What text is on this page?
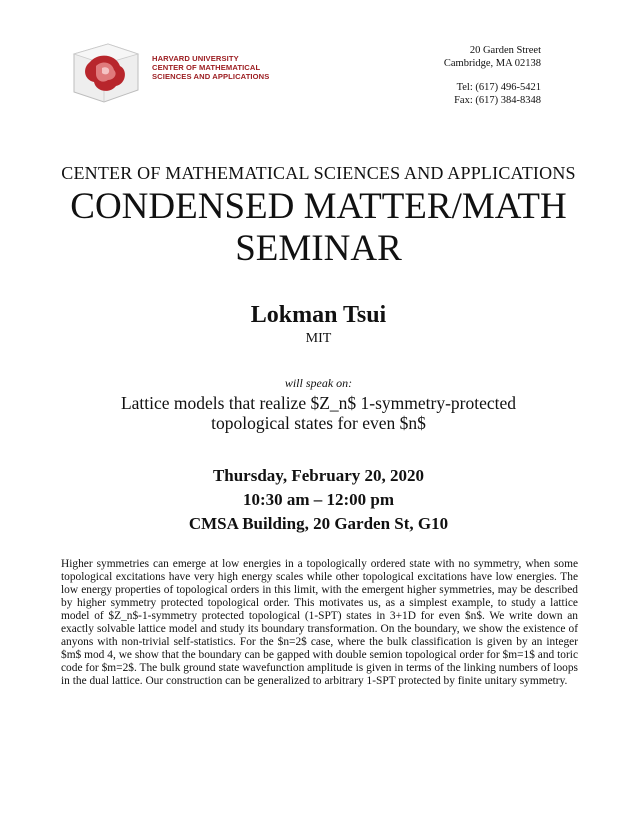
HARVARD UNIVERSITY
CENTER OF MATHEMATICAL
SCIENCES AND APPLICATIONS
20 Garden Street
Cambridge, MA 02138
Tel: (617) 496-5421
Fax: (617) 384-8348
CENTER OF MATHEMATICAL SCIENCES AND APPLICATIONS
CONDENSED MATTER/MATH
SEMINAR
Lokman Tsui
MIT
will speak on:
Lattice models that realize $Z_n$ 1-symmetry-protected
topological states for even $n$
Thursday, February 20, 2020
10:30 am – 12:00 pm
CMSA Building, 20 Garden St, G10
Higher symmetries can emerge at low energies in a topologically ordered state with no symmetry, when some topological excitations have very high energy scales while other topological excitations have low energies. The low energy properties of topological orders in this limit, with the emergent higher symmetries, may be described by higher symmetry protected topological order. This motivates us, as a simplest example, to study a lattice model of $Z_n$-1-symmetry protected topological (1-SPT) states in 3+1D for even $n$. We write down an exactly solvable lattice model and study its boundary transformation. On the boundary, we show the existence of anyons with non-trivial self-statistics. For the $n=2$ case, where the bulk classification is given by an integer $m$ mod 4, we show that the boundary can be gapped with double semion topological order for $m=1$ and toric code for $m=2$. The bulk ground state wavefunction amplitude is given in terms of the linking numbers of loops in the dual lattice. Our construction can be generalized to arbitrary 1-SPT protected by finite unitary symmetry.
